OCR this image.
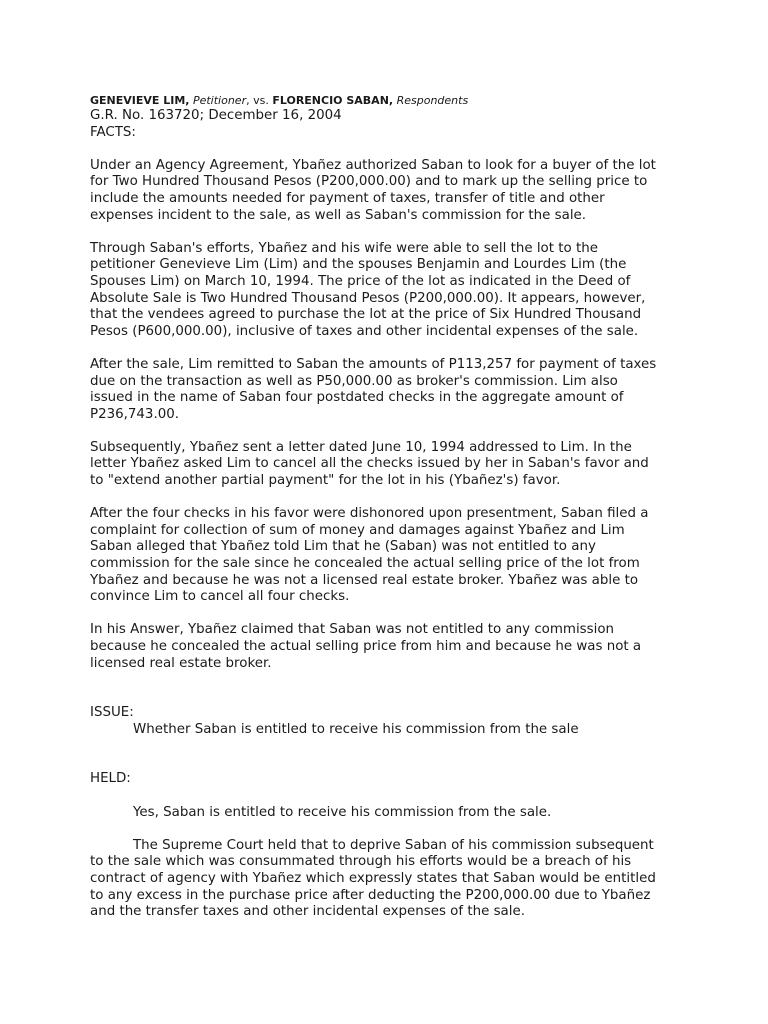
GENEVIEVE LIM, Petitioner, vs. FLORENCIO SABAN, Respondents

G.R. No. 163720; December 16, 2004

FACTS:

Under an Agency Agreement, Ybañez authorized Saban to look for a buyer of the lot
for Two Hundred Thousand Pesos (P200,000.00) and to mark up the selling price to
include the amounts needed for payment of taxes, transfer of title and other
expenses incident to the sale, as well as Saban's commission for the sale.

Through Saban's efforts, Ybañez and his wife were able to sell the lot to the
petitioner Genevieve Lim (Lim) and the spouses Benjamin and Lourdes Lim (the
Spouses Lim) on March 10, 1994. The price of the lot as indicated in the Deed of
Absolute Sale is Two Hundred Thousand Pesos (P200,000.00). It appears, however,
that the vendees agreed to purchase the lot at the price of Six Hundred Thousand
Pesos (P600,000.00), inclusive of taxes and other incidental expenses of the sale.

After the sale, Lim remitted to Saban the amounts of P113,257 for payment of taxes
due on the transaction as well as P50,000.00 as broker's commission. Lim also
issued in the name of Saban four postdated checks in the aggregate amount of
P236,743.00.

Subsequently, Ybañez sent a letter dated June 10, 1994 addressed to Lim. In the
letter Ybañez asked Lim to cancel all the checks issued by her in Saban's favor and
to "extend another partial payment" for the lot in his (Ybañez's) favor.

After the four checks in his favor were dishonored upon presentment, Saban filed a
complaint for collection of sum of money and damages against Ybañez and Lim
Saban alleged that Ybañez told Lim that he (Saban) was not entitled to any
commission for the sale since he concealed the actual selling price of the lot from
Ybañez and because he was not a licensed real estate broker. Ybañez was able to
convince Lim to cancel all four checks.

In his Answer, Ybañez claimed that Saban was not entitled to any commission
because he concealed the actual selling price from him and because he was not a
licensed real estate broker.

ISSUE:

Whether Saban is entitled to receive his commission from the sale

HELD:

Yes, Saban is entitled to receive his commission from the sale.

The Supreme Court held that to deprive Saban of his commission subsequent
to the sale which was consummated through his efforts would be a breach of his
contract of agency with Ybañez which expressly states that Saban would be entitled
to any excess in the purchase price after deducting the P200,000.00 due to Ybañez
and the transfer taxes and other incidental expenses of the sale.
